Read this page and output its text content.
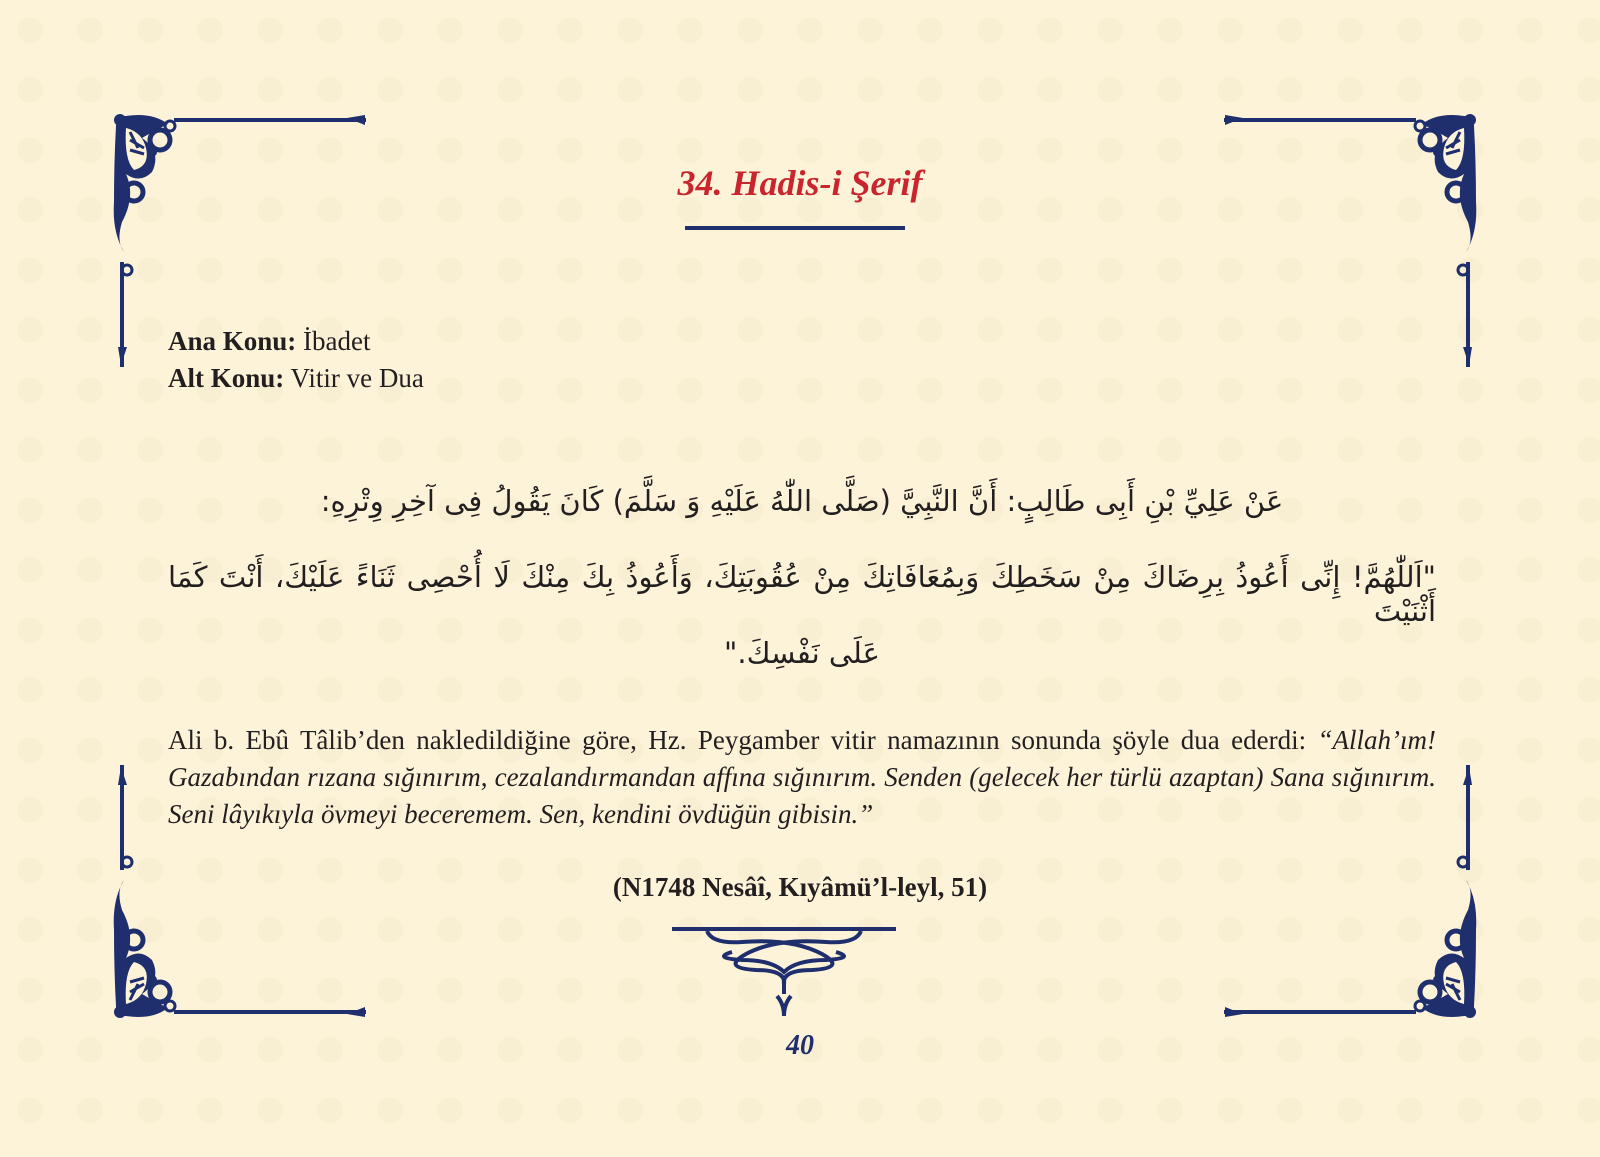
34. Hadis-i Şerif
Ana Konu: İbadet
Alt Konu: Vitir ve Dua
عَنْ عَلِيِّ بْنِ أَبِى طَالِبٍ: أَنَّ النَّبِيَّ (صَلَّى اللّٰهُ عَلَيْهِ وَ سَلَّمَ) كَانَ يَقُولُ فِى آخِرِ وِتْرِهِ:
"اَللّٰهُمَّ! إِنِّى أَعُوذُ بِرِضَاكَ مِنْ سَخَطِكَ وَبِمُعَافَاتِكَ مِنْ عُقُوبَتِكَ، وَأَعُوذُ بِكَ مِنْكَ لَا أُحْصِى ثَنَاءً عَلَيْكَ، أَنْتَ كَمَا أَثْنَيْتَ
عَلَى نَفْسِكَ."
Ali b. Ebû Tâlib’den nakledildiğine göre, Hz. Peygamber vitir namazının sonunda şöyle dua ederdi: “Allah’ım! Gazabından rızana sığınırım, cezalandırmandan affına sığınırım. Senden (gelecek her türlü azaptan) Sana sığınırım. Seni lâyıkıyla övmeyi beceremem. Sen, kendini övdüğün gibisin.”
(N1748 Nesâî, Kıyâmü’l-leyl, 51)
40
